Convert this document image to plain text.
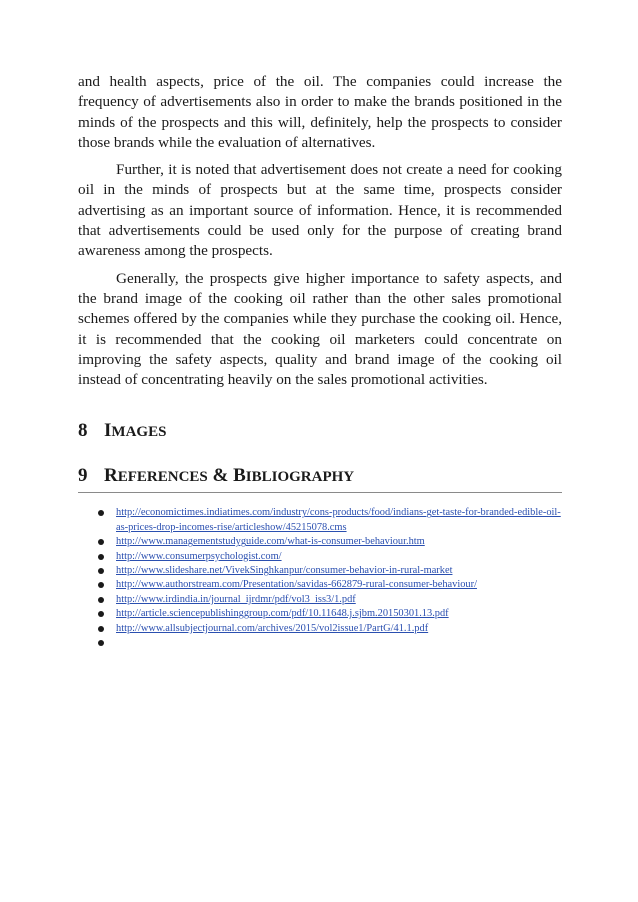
and health aspects, price of the oil. The companies could increase the frequency of advertisements also in order to make the brands positioned in the minds of the prospects and this will, definitely, help the prospects to consider those brands while the evaluation of alternatives.

Further, it is noted that advertisement does not create a need for cooking oil in the minds of prospects but at the same time, prospects consider advertising as an important source of information. Hence, it is recommended that advertisements could be used only for the purpose of creating brand awareness among the prospects.

Generally, the prospects give higher importance to safety aspects, and the brand image of the cooking oil rather than the other sales promotional schemes offered by the companies while they purchase the cooking oil. Hence, it is recommended that the cooking oil marketers could concentrate on improving the safety aspects, quality and brand image of the cooking oil instead of concentrating heavily on the sales promotional activities.

8 IMAGES
9 REFERENCES & BIBLIOGRAPHY
http://economictimes.indiatimes.com/industry/cons-products/food/indians-get-taste-for-branded-edible-oil-as-prices-drop-incomes-rise/articleshow/45215078.cms
http://www.managementstudyguide.com/what-is-consumer-behaviour.htm
http://www.consumerpsychologist.com/
http://www.slideshare.net/VivekSinghkanpur/consumer-behavior-in-rural-market
http://www.authorstream.com/Presentation/savidas-662879-rural-consumer-behaviour/
http://www.irdindia.in/journal_ijrdmr/pdf/vol3_iss3/1.pdf
http://article.sciencepublishinggroup.com/pdf/10.11648.j.sjbm.20150301.13.pdf
http://www.allsubjectjournal.com/archives/2015/vol2issue1/PartG/41.1.pdf
